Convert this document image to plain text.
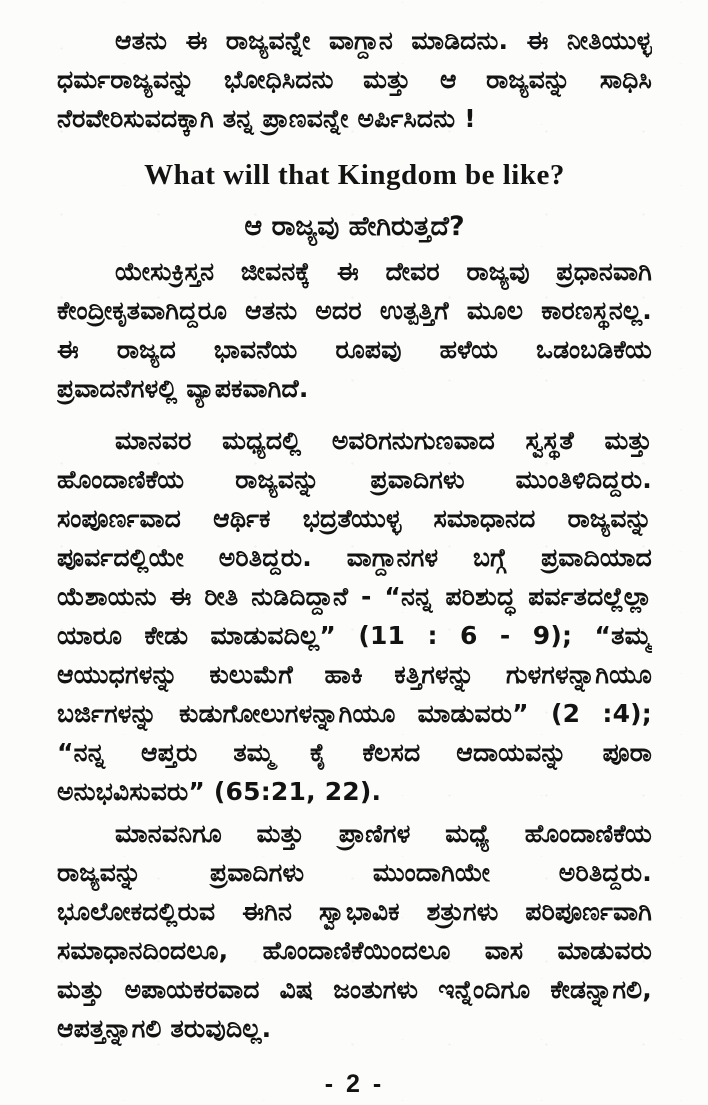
ಆತನು ಈ ರಾಜ್ಯವನ್ನೇ ವಾಗ್ದಾನ ಮಾಡಿದನು. ಈ ನೀತಿಯುಳ್ಳ
ಧರ್ಮರಾಜ್ಯವನ್ನು ಭೋಧಿಸಿದನು ಮತ್ತು ಆ ರಾಜ್ಯವನ್ನು ಸಾಧಿಸಿ
ನೆರವೇರಿಸುವದಕ್ಕಾಗಿ ತನ್ನ ಪ್ರಾಣವನ್ನೇ ಅರ್ಪಿಸಿದನು !
What will that Kingdom be like?
ಆ ರಾಜ್ಯವು ಹೇಗಿರುತ್ತದೆ?
ಯೇಸುಕ್ರಿಸ್ತನ ಜೀವನಕ್ಕೆ ಈ ದೇವರ ರಾಜ್ಯವು ಪ್ರಧಾನವಾಗಿ
ಕೇಂದ್ರೀಕೃತವಾಗಿದ್ದರೂ ಆತನು ಅದರ ಉತ್ಪತ್ತಿಗೆ ಮೂಲ ಕಾರಣಸ್ಥನಲ್ಲ.
ಈ ರಾಜ್ಯದ ಭಾವನೆಯ ರೂಪವು ಹಳೆಯ ಒಡಂಬಡಿಕೆಯ
ಪ್ರವಾದನೆಗಳಲ್ಲಿ ವ್ಯಾಪಕವಾಗಿದೆ.
ಮಾನವರ ಮಧ್ಯದಲ್ಲಿ ಅವರಿಗನುಗುಣವಾದ ಸ್ವಸ್ಥತೆ ಮತ್ತು
ಹೊಂದಾಣಿಕೆಯ ರಾಜ್ಯವನ್ನು ಪ್ರವಾದಿಗಳು ಮುಂತಿಳಿದಿದ್ದರು.
ಸಂಪೂರ್ಣವಾದ ಆರ್ಥಿಕ ಭದ್ರತೆಯುಳ್ಳ ಸಮಾಧಾನದ ರಾಜ್ಯವನ್ನು
ಪೂರ್ವದಲ್ಲಿಯೇ ಅರಿತಿದ್ದರು. ವಾಗ್ದಾನಗಳ ಬಗ್ಗೆ ಪ್ರವಾದಿಯಾದ
ಯೆಶಾಯನು ಈ ರೀತಿ ನುಡಿದಿದ್ದಾನೆ - “ನನ್ನ ಪರಿಶುದ್ಧ ಪರ್ವತದಲ್ಲೆಲ್ಲಾ
ಯಾರೂ ಕೇಡು ಮಾಡುವದಿಲ್ಲ” (11 : 6 - 9); “ತಮ್ಮ
ಆಯುಧಗಳನ್ನು ಕುಲುಮೆಗೆ ಹಾಕಿ ಕತ್ತಿಗಳನ್ನು ಗುಳಗಳನ್ನಾಗಿಯೂ
ಬರ್ಜಿಗಳನ್ನು ಕುಡುಗೋಲುಗಳನ್ನಾಗಿಯೂ ಮಾಡುವರು” (2 :4);
“ನನ್ನ ಆಪ್ತರು ತಮ್ಮ ಕೈ ಕೆಲಸದ ಆದಾಯವನ್ನು ಪೂರಾ
ಅನುಭವಿಸುವರು” (65:21, 22).
ಮಾನವನಿಗೂ ಮತ್ತು ಪ್ರಾಣಿಗಳ ಮಧ್ಯೆ ಹೊಂದಾಣಿಕೆಯ
ರಾಜ್ಯವನ್ನು ಪ್ರವಾದಿಗಳು ಮುಂದಾಗಿಯೇ ಅರಿತಿದ್ದರು.
ಭೂಲೋಕದಲ್ಲಿರುವ ಈಗಿನ ಸ್ವಾಭಾವಿಕ ಶತ್ರುಗಳು ಪರಿಪೂರ್ಣವಾಗಿ
ಸಮಾಧಾನದಿಂದಲೂ, ಹೊಂದಾಣಿಕೆಯಿಂದಲೂ ವಾಸ ಮಾಡುವರು
ಮತ್ತು ಅಪಾಯಕರವಾದ ವಿಷ ಜಂತುಗಳು ಇನ್ನೆಂದಿಗೂ ಕೇಡನ್ನಾಗಲಿ,
ಆಪತ್ತನ್ನಾಗಲಿ ತರುವುದಿಲ್ಲ.
- 2 -
